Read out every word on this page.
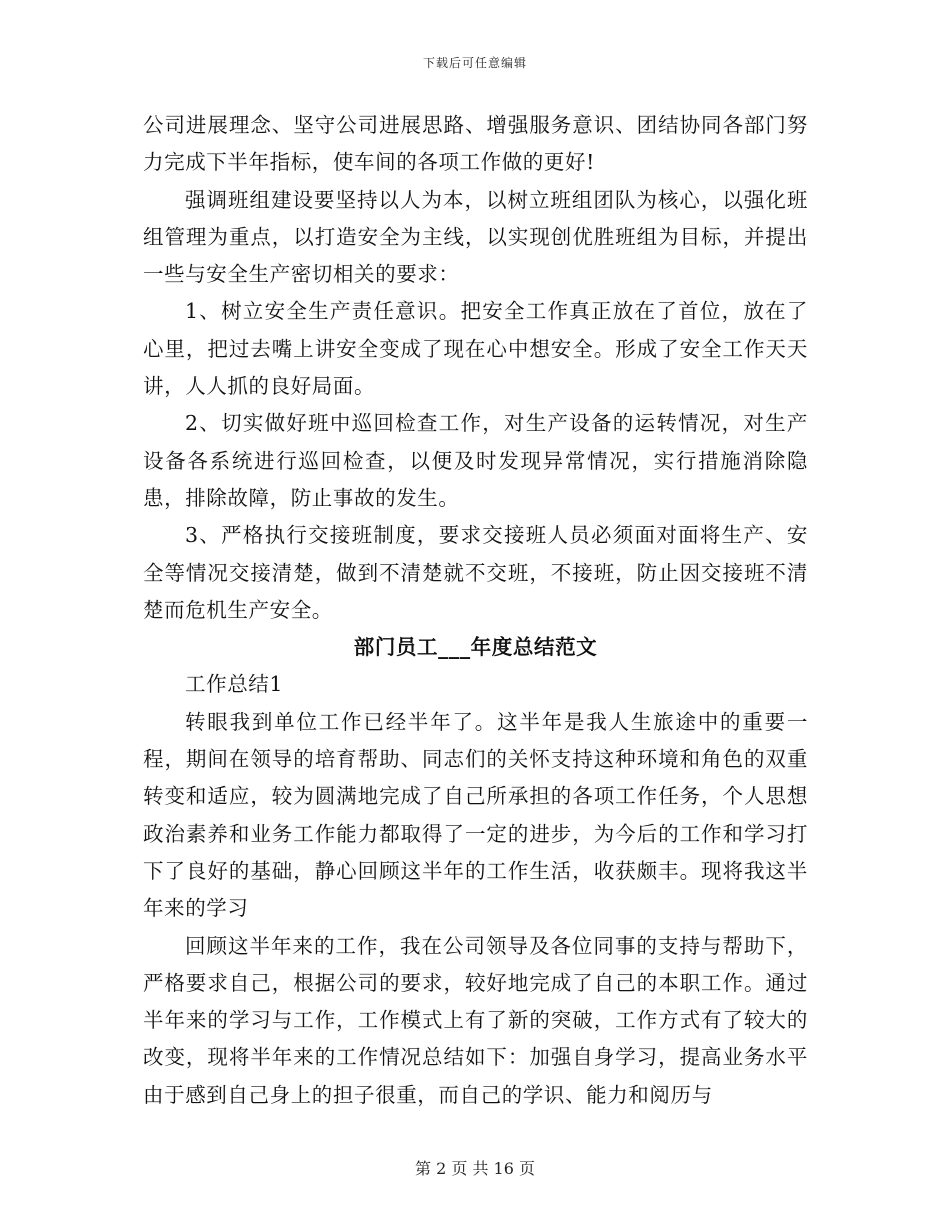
下载后可任意编辑

公司进展理念、坚守公司进展思路、增强服务意识、团结协同各部门努力完成下半年指标，使车间的各项工作做的更好!

强调班组建设要坚持以人为本，以树立班组团队为核心，以强化班组管理为重点，以打造安全为主线，以实现创优胜班组为目标，并提出一些与安全生产密切相关的要求：

1、树立安全生产责任意识。把安全工作真正放在了首位，放在了心里，把过去嘴上讲安全变成了现在心中想安全。形成了安全工作天天讲，人人抓的良好局面。

2、切实做好班中巡回检查工作，对生产设备的运转情况，对生产设备各系统进行巡回检查，以便及时发现异常情况，实行措施消除隐患，排除故障，防止事故的发生。

3、严格执行交接班制度，要求交接班人员必须面对面将生产、安全等情况交接清楚，做到不清楚就不交班，不接班，防止因交接班不清楚而危机生产安全。

部门员工___年度总结范文

工作总结1

转眼我到单位工作已经半年了。这半年是我人生旅途中的重要一程，期间在领导的培育帮助、同志们的关怀支持这种环境和角色的双重转变和适应，较为圆满地完成了自己所承担的各项工作任务，个人思想政治素养和业务工作能力都取得了一定的进步，为今后的工作和学习打下了良好的基础，静心回顾这半年的工作生活，收获颇丰。现将我这半年来的学习

回顾这半年来的工作，我在公司领导及各位同事的支持与帮助下，严格要求自己，根据公司的要求，较好地完成了自己的本职工作。通过半年来的学习与工作，工作模式上有了新的突破，工作方式有了较大的改变，现将半年来的工作情况总结如下：加强自身学习，提高业务水平由于感到自己身上的担子很重，而自己的学识、能力和阅历与

第 2 页 共 16 页
